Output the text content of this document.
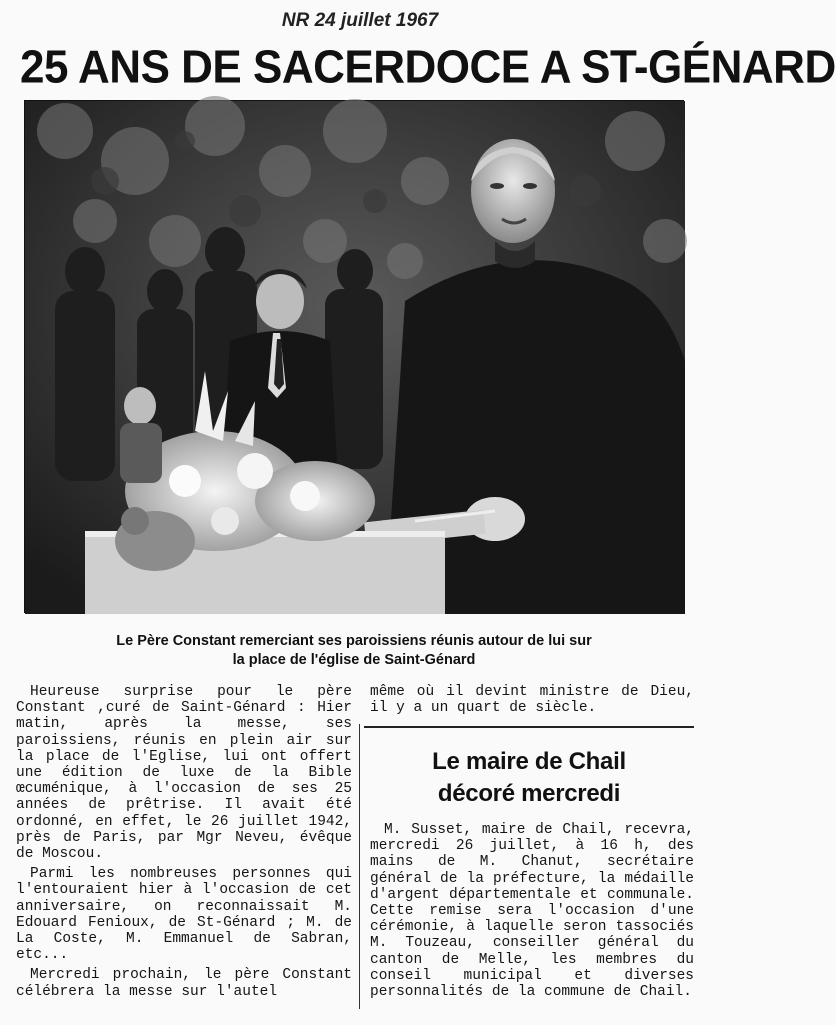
NR 24 juillet 1967
25 ANS DE SACERDOCE A ST-GÉNARD
Le Père Constant remerciant ses paroissiens réunis autour de lui sur
la place de l'église de Saint-Génard

Heureuse surprise pour le père Constant ,curé de Saint-Génard : Hier matin, après la messe, ses paroissiens, réunis en plein air sur la place de l'Eglise, lui ont offert une édition de luxe de la Bible œcuménique, à l'occasion de ses 25 années de prêtrise. Il avait été ordonné, en effet, le 26 juillet 1942, près de Paris, par Mgr Neveu, évêque de Moscou.

Parmi les nombreuses personnes qui l'entouraient hier à l'occasion de cet anniversaire, on reconnaissait M. Edouard Fenioux, de St-Génard ; M. de La Coste, M. Emmanuel de Sabran, etc...

Mercredi prochain, le père Constant célébrera la messe sur l'autel

même où il devint ministre de Dieu, il y a un quart de siècle.
Le maire de Chail
décoré mercredi

M. Susset, maire de Chail, recevra, mercredi 26 juillet, à 16 h, des mains de M. Chanut, secrétaire général de la préfecture, la médaille d'argent départementale et communale. Cette remise sera l'occasion d'une cérémonie, à laquelle seron tassociés M. Touzeau, conseiller général du canton de Melle, les membres du conseil municipal et diverses personnalités de la commune de Chail.
